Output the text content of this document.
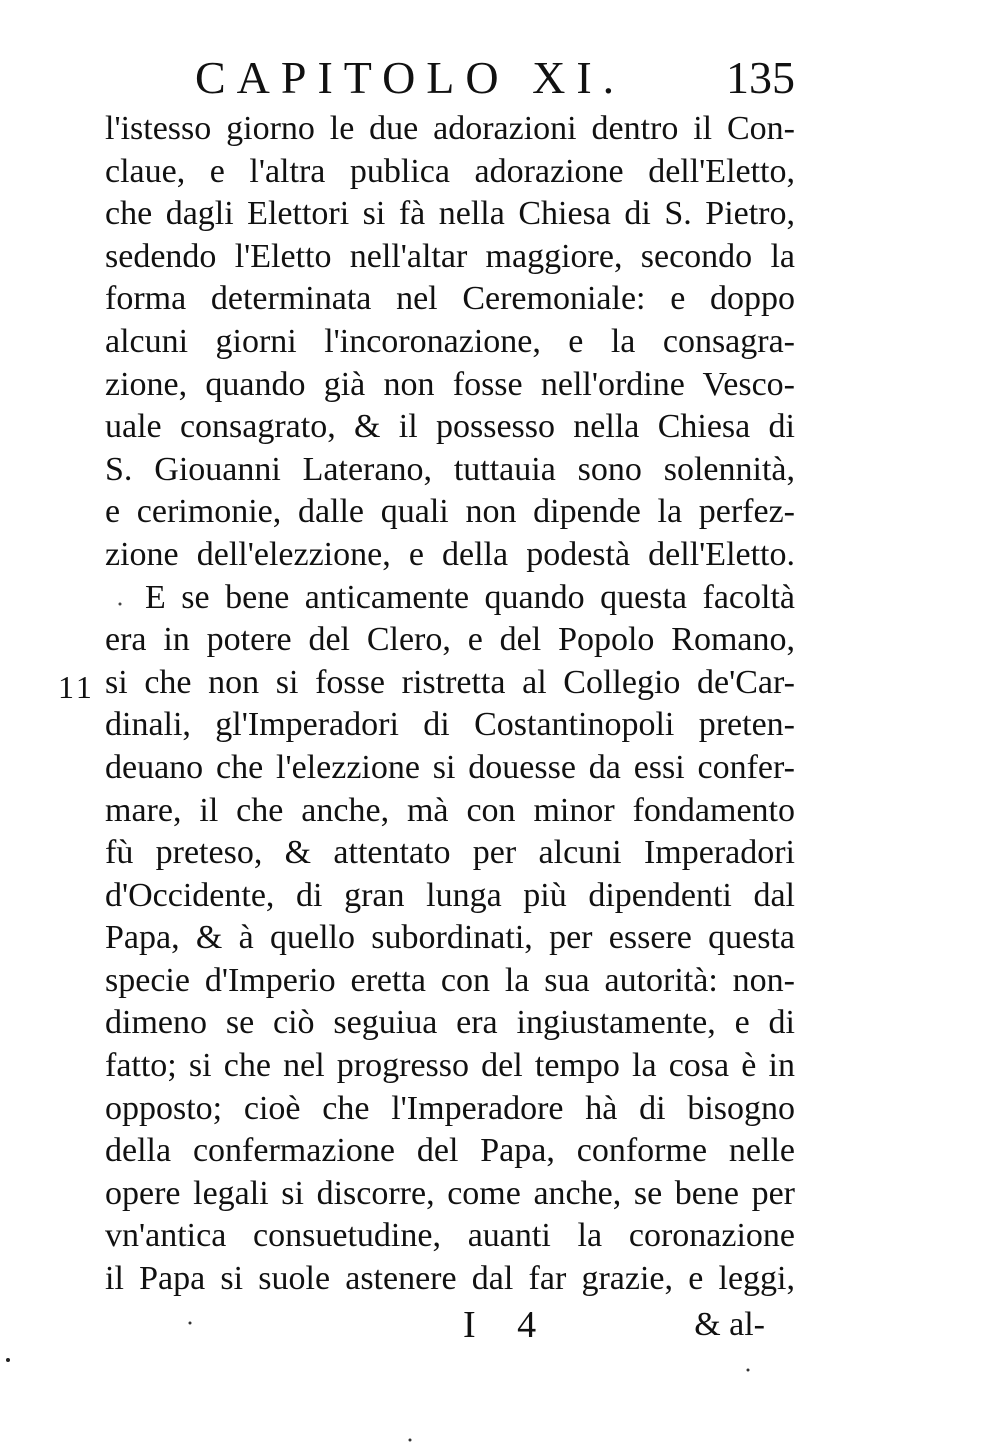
CAPITOLO XI. 135
11
l'istesso giorno le due adorazioni dentro il Con-
claue, e l'altra publica adorazione dell'Eletto,
che dagli Elettori si fà nella Chiesa di S. Pietro,
sedendo l'Eletto nell'altar maggiore, secondo la
forma determinata nel Ceremoniale: e doppo
alcuni giorni l'incoronazione, e la consagra-
zione, quando già non fosse nell'ordine Vesco-
uale consagrato, & il possesso nella Chiesa di
S. Giouanni Laterano, tuttauia sono solennità,
e cerimonie, dalle quali non dipende la perfez-
zione dell'elezzione, e della podestà dell'Eletto.
E se bene anticamente quando questa facoltà
era in potere del Clero, e del Popolo Romano,
si che non si fosse ristretta al Collegio de'Car-
dinali, gl'Imperadori di Costantinopoli preten-
deuano che l'elezzione si douesse da essi confer-
mare, il che anche, mà con minor fondamento
fù preteso, & attentato per alcuni Imperadori
d'Occidente, di gran lunga più dipendenti dal
Papa, & à quello subordinati, per essere questa
specie d'Imperio eretta con la sua autorità: non-
dimeno se ciò seguiua era ingiustamente, e di
fatto; si che nel progresso del tempo la cosa è in
opposto; cioè che l'Imperadore hà di bisogno
della confermazione del Papa, conforme nelle
opere legali si discorre, come anche, se bene per
vn'antica consuetudine, auanti la coronazione
il Papa si suole astenere dal far grazie, e leggi,
I 4	& al-
